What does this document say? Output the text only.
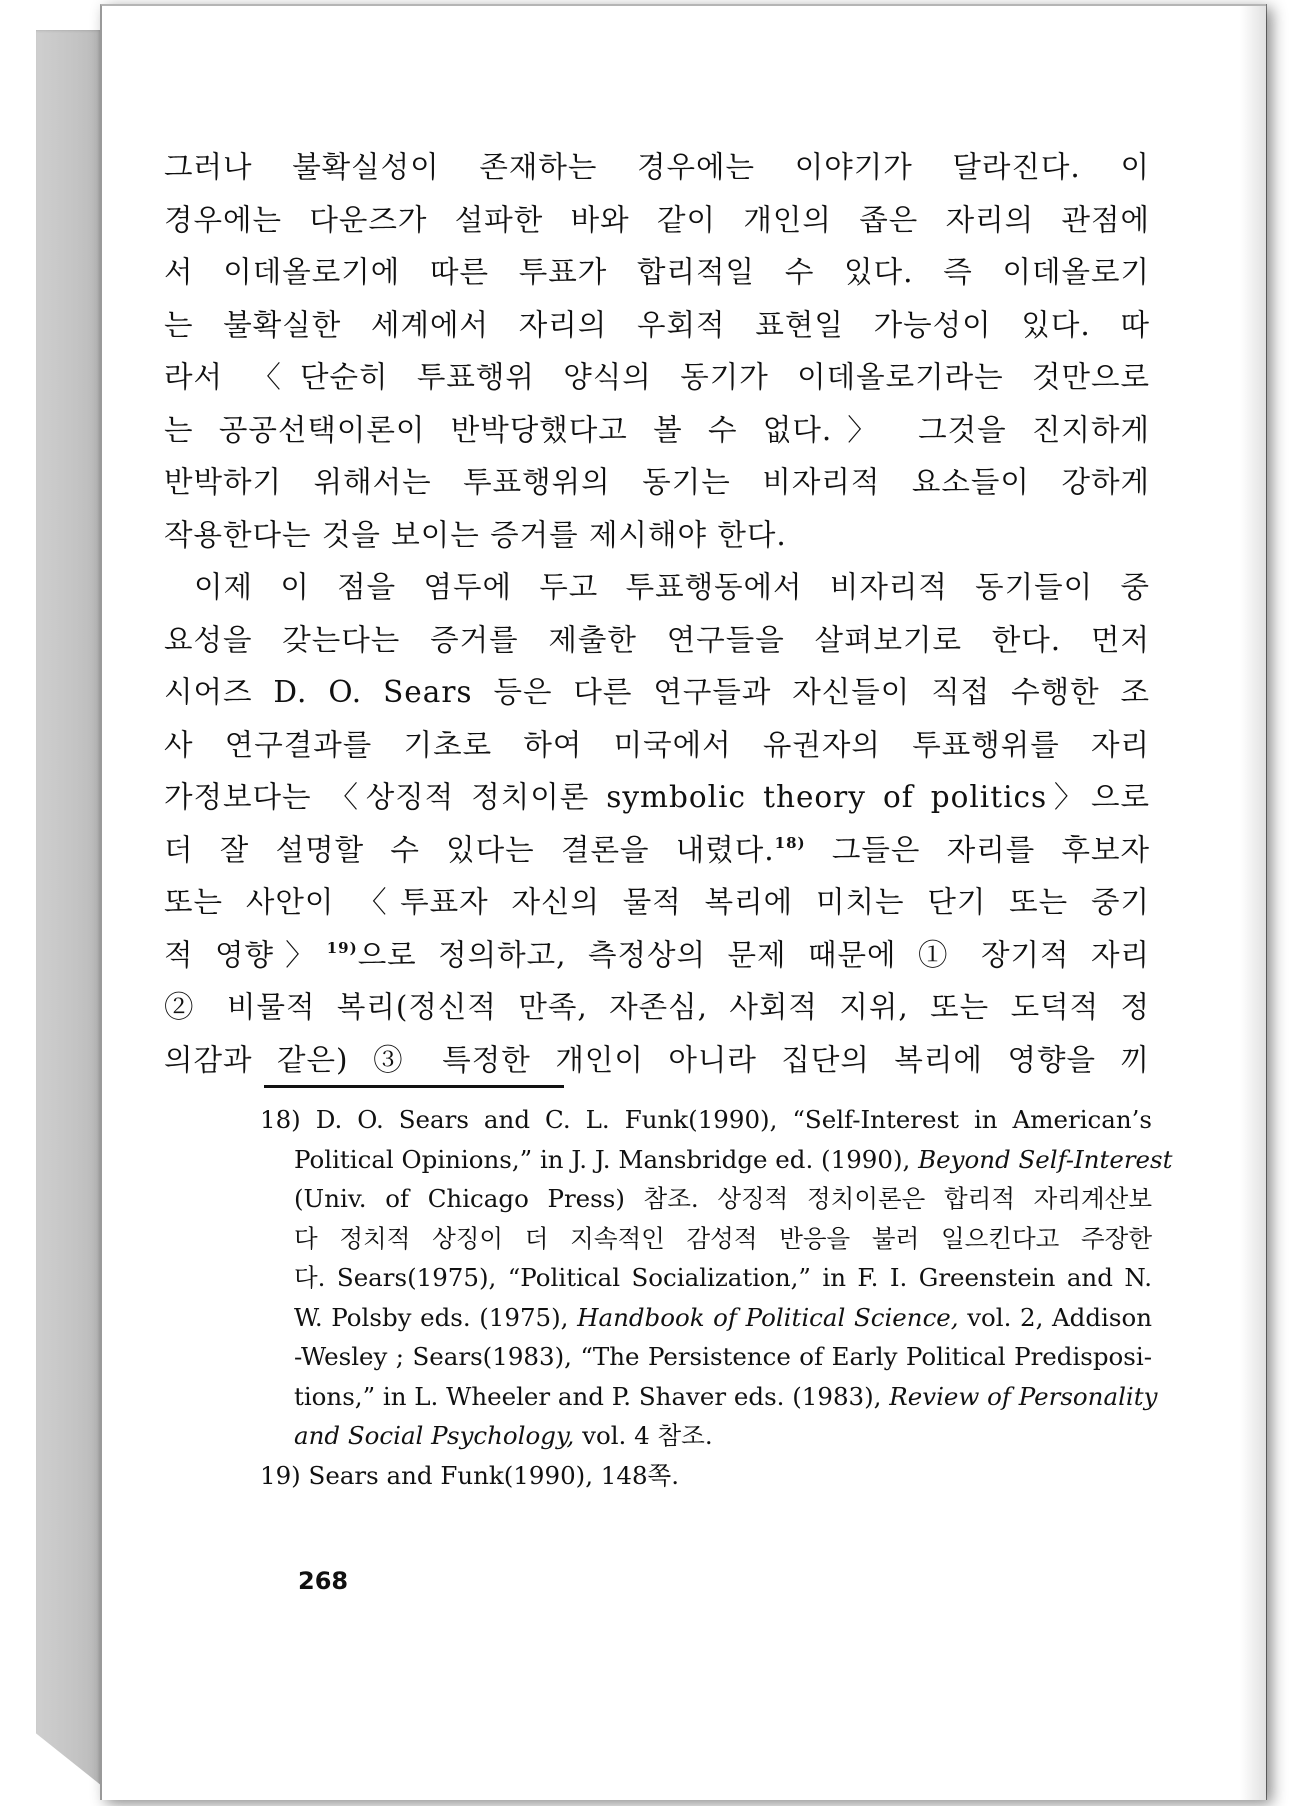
그러나 불확실성이 존재하는 경우에는 이야기가 달라진다. 이
경우에는 다운즈가 설파한 바와 같이 개인의 좁은 자리의 관점에
서 이데올로기에 따른 투표가 합리적일 수 있다. 즉 이데올로기
는 불확실한 세계에서 자리의 우회적 표현일 가능성이 있다. 따
라서 〈단순히 투표행위 양식의 동기가 이데올로기라는 것만으로
는 공공선택이론이 반박당했다고 볼 수 없다.〉 그것을 진지하게
반박하기 위해서는 투표행위의 동기는 비자리적 요소들이 강하게
작용한다는 것을 보이는 증거를 제시해야 한다.
이제 이 점을 염두에 두고 투표행동에서 비자리적 동기들이 중
요성을 갖는다는 증거를 제출한 연구들을 살펴보기로 한다. 먼저
시어즈 D. O. Sears 등은 다른 연구들과 자신들이 직접 수행한 조
사 연구결과를 기초로 하여 미국에서 유권자의 투표행위를 자리
가정보다는 〈상징적 정치이론 symbolic theory of politics〉으로
더 잘 설명할 수 있다는 결론을 내렸다.$^{18)}$ 그들은 자리를 후보자
또는 사안이 〈투표자 자신의 물적 복리에 미치는 단기 또는 중기
적 영향〉$^{19)}$으로 정의하고, 측정상의 문제 때문에 ① 장기적 자리
② 비물적 복리(정신적 만족, 자존심, 사회적 지위, 또는 도덕적 정
의감과 같은) ③ 특정한 개인이 아니라 집단의 복리에 영향을 끼
18) D. O. Sears and C. L. Funk(1990), “Self-Interest in American’s
Political Opinions,” in J. J. Mansbridge ed. (1990), Beyond Self-Interest
(Univ. of Chicago Press) 참조. 상징적 정치이론은 합리적 자리계산보
다 정치적 상징이 더 지속적인 감성적 반응을 불러 일으킨다고 주장한
다. Sears(1975), “Political Socialization,” in F. I. Greenstein and N.
W. Polsby eds. (1975), Handbook of Political Science, vol. 2, Addison
-Wesley ; Sears(1983), “The Persistence of Early Political Predisposi-
tions,” in L. Wheeler and P. Shaver eds. (1983), Review of Personality
and Social Psychology, vol. 4 참조.
19) Sears and Funk(1990), 148쪽.
268
